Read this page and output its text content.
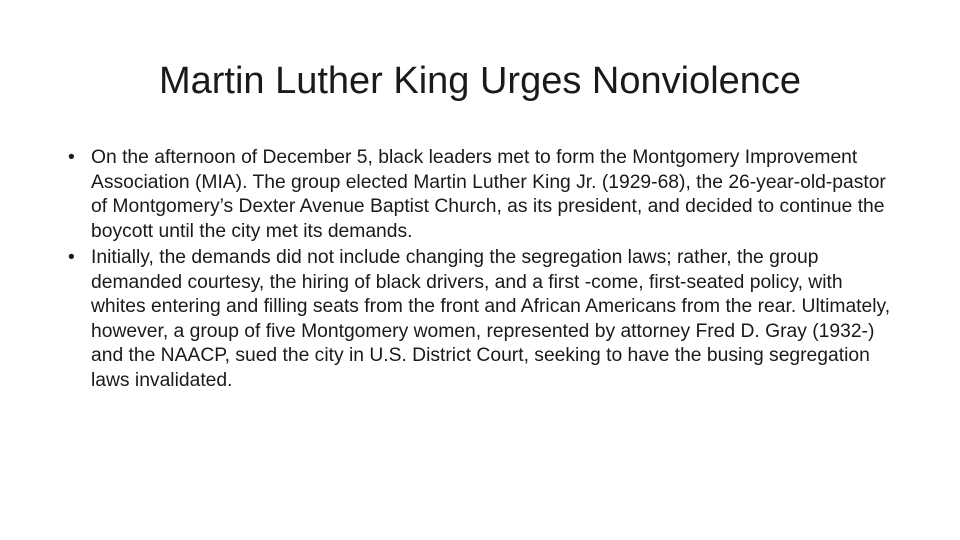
Martin Luther King Urges Nonviolence
• On the afternoon of December 5, black leaders met to form the Montgomery Improvement Association (MIA). The group elected Martin Luther King Jr. (1929-68), the 26-year-old-pastor of Montgomery’s Dexter Avenue Baptist Church, as its president, and decided to continue the boycott until the city met its demands.
• Initially, the demands did not include changing the segregation laws; rather, the group demanded courtesy, the hiring of black drivers, and a first -come, first-seated policy, with whites entering and filling seats from the front and African Americans from the rear. Ultimately, however, a group of five Montgomery women, represented by attorney Fred D. Gray (1932-) and the NAACP, sued the city in U.S. District Court, seeking to have the busing segregation laws invalidated.
